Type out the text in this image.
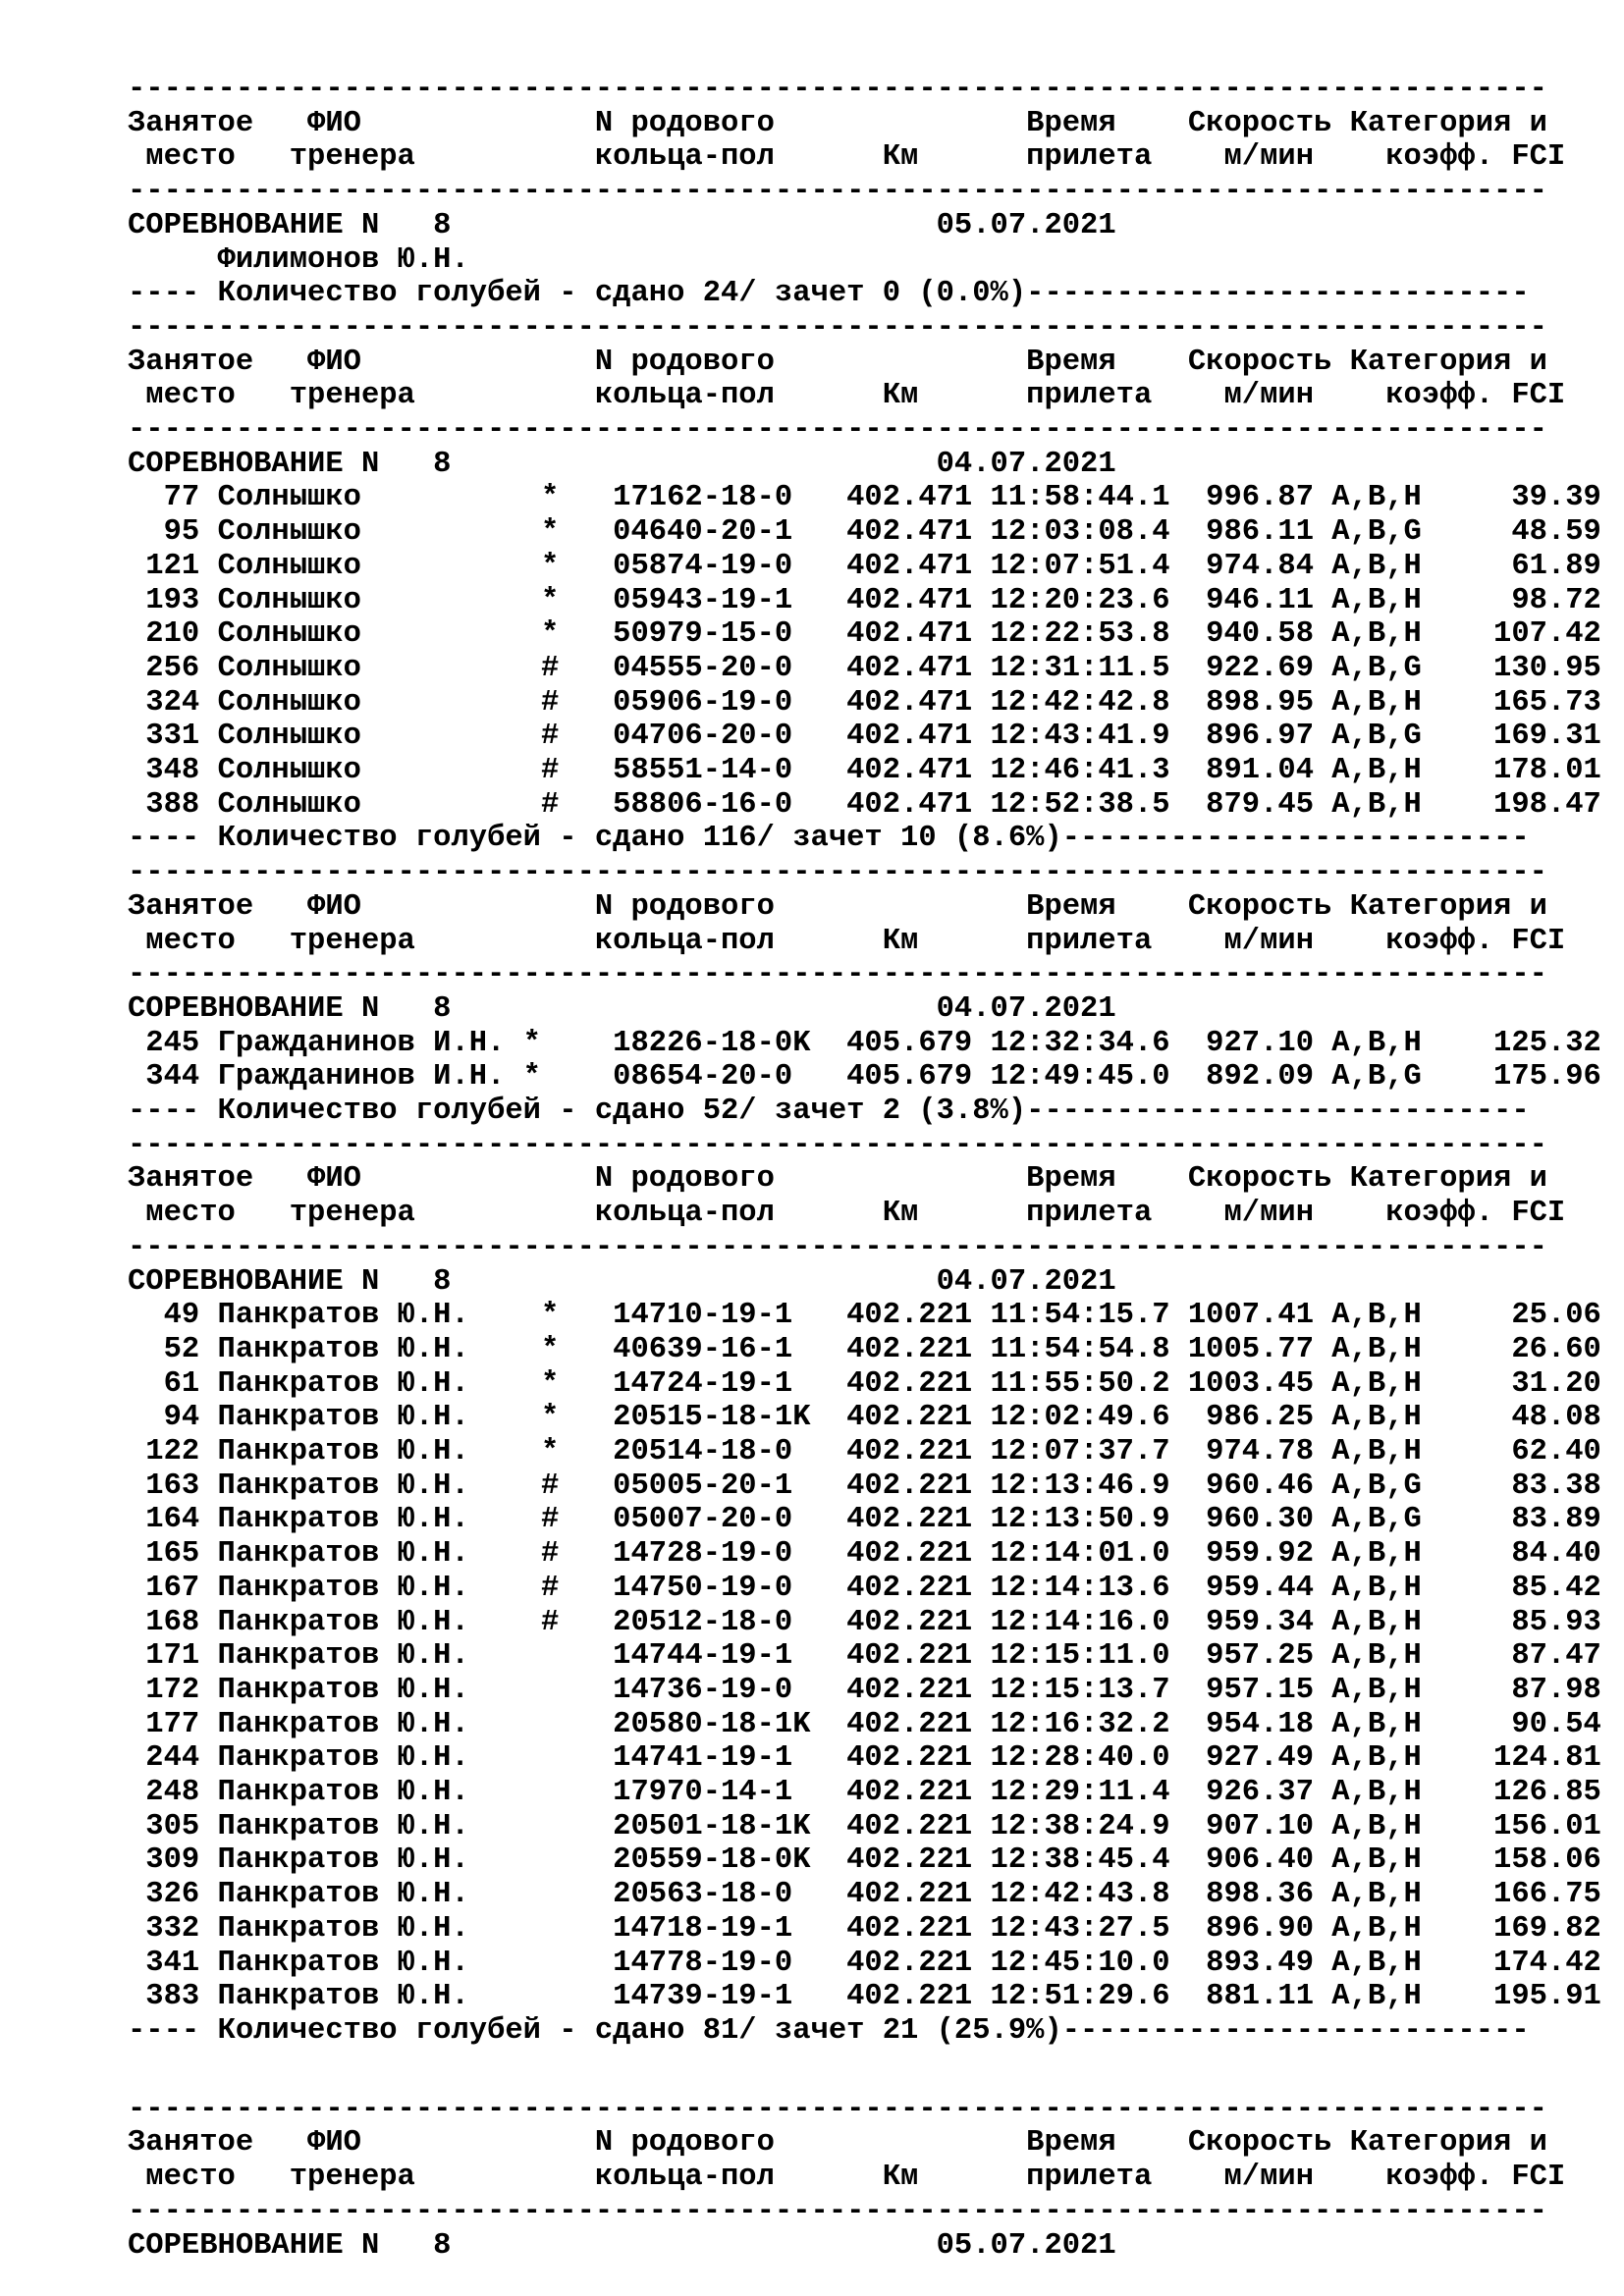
-------------------------------------------------------------------------------
Занятое   ФИО             N родового              Время    Скорость Категория и
место   тренера          кольца-пол      Км      прилета    м/мин    коэфф. FCI
-------------------------------------------------------------------------------
СОРЕВНОВАНИЕ N   8                           05.07.2021
Филимонов Ю.Н.
---- Количество голубей - сдано 24/ зачет 0 (0.0%)----------------------------
-------------------------------------------------------------------------------
Занятое   ФИО             N родового              Время    Скорость Категория и
место   тренера          кольца-пол      Км      прилета    м/мин    коэфф. FCI
-------------------------------------------------------------------------------
СОРЕВНОВАНИЕ N   8                           04.07.2021
77 Солнышко          *   17162-18-0   402.471 11:58:44.1  996.87 A,B,H     39.39
95 Солнышко          *   04640-20-1   402.471 12:03:08.4  986.11 A,B,G     48.59
121 Солнышко          *   05874-19-0   402.471 12:07:51.4  974.84 A,B,H     61.89
193 Солнышко          *   05943-19-1   402.471 12:20:23.6  946.11 A,B,H     98.72
210 Солнышко          *   50979-15-0   402.471 12:22:53.8  940.58 A,B,H    107.42
256 Солнышко          #   04555-20-0   402.471 12:31:11.5  922.69 A,B,G    130.95
324 Солнышко          #   05906-19-0   402.471 12:42:42.8  898.95 A,B,H    165.73
331 Солнышко          #   04706-20-0   402.471 12:43:41.9  896.97 A,B,G    169.31
348 Солнышко          #   58551-14-0   402.471 12:46:41.3  891.04 A,B,H    178.01
388 Солнышко          #   58806-16-0   402.471 12:52:38.5  879.45 A,B,H    198.47
---- Количество голубей - сдано 116/ зачет 10 (8.6%)--------------------------
-------------------------------------------------------------------------------
Занятое   ФИО             N родового              Время    Скорость Категория и
место   тренера          кольца-пол      Км      прилета    м/мин    коэфф. FCI
-------------------------------------------------------------------------------
СОРЕВНОВАНИЕ N   8                           04.07.2021
245 Гражданинов И.Н. *    18226-18-0K  405.679 12:32:34.6  927.10 A,B,H    125.32
344 Гражданинов И.Н. *    08654-20-0   405.679 12:49:45.0  892.09 A,B,G    175.96
---- Количество голубей - сдано 52/ зачет 2 (3.8%)----------------------------
-------------------------------------------------------------------------------
Занятое   ФИО             N родового              Время    Скорость Категория и
место   тренера          кольца-пол      Км      прилета    м/мин    коэфф. FCI
-------------------------------------------------------------------------------
СОРЕВНОВАНИЕ N   8                           04.07.2021
49 Панкратов Ю.Н.    *   14710-19-1   402.221 11:54:15.7 1007.41 A,B,H     25.06
52 Панкратов Ю.Н.    *   40639-16-1   402.221 11:54:54.8 1005.77 A,B,H     26.60
61 Панкратов Ю.Н.    *   14724-19-1   402.221 11:55:50.2 1003.45 A,B,H     31.20
94 Панкратов Ю.Н.    *   20515-18-1K  402.221 12:02:49.6  986.25 A,B,H     48.08
122 Панкратов Ю.Н.    *   20514-18-0   402.221 12:07:37.7  974.78 A,B,H     62.40
163 Панкратов Ю.Н.    #   05005-20-1   402.221 12:13:46.9  960.46 A,B,G     83.38
164 Панкратов Ю.Н.    #   05007-20-0   402.221 12:13:50.9  960.30 A,B,G     83.89
165 Панкратов Ю.Н.    #   14728-19-0   402.221 12:14:01.0  959.92 A,B,H     84.40
167 Панкратов Ю.Н.    #   14750-19-0   402.221 12:14:13.6  959.44 A,B,H     85.42
168 Панкратов Ю.Н.    #   20512-18-0   402.221 12:14:16.0  959.34 A,B,H     85.93
171 Панкратов Ю.Н.        14744-19-1   402.221 12:15:11.0  957.25 A,B,H     87.47
172 Панкратов Ю.Н.        14736-19-0   402.221 12:15:13.7  957.15 A,B,H     87.98
177 Панкратов Ю.Н.        20580-18-1K  402.221 12:16:32.2  954.18 A,B,H     90.54
244 Панкратов Ю.Н.        14741-19-1   402.221 12:28:40.0  927.49 A,B,H    124.81
248 Панкратов Ю.Н.        17970-14-1   402.221 12:29:11.4  926.37 A,B,H    126.85
305 Панкратов Ю.Н.        20501-18-1K  402.221 12:38:24.9  907.10 A,B,H    156.01
309 Панкратов Ю.Н.        20559-18-0K  402.221 12:38:45.4  906.40 A,B,H    158.06
326 Панкратов Ю.Н.        20563-18-0   402.221 12:42:43.8  898.36 A,B,H    166.75
332 Панкратов Ю.Н.        14718-19-1   402.221 12:43:27.5  896.90 A,B,H    169.82
341 Панкратов Ю.Н.        14778-19-0   402.221 12:45:10.0  893.49 A,B,H    174.42
383 Панкратов Ю.Н.        14739-19-1   402.221 12:51:29.6  881.11 A,B,H    195.91
---- Количество голубей - сдано 81/ зачет 21 (25.9%)--------------------------
-------------------------------------------------------------------------------
Занятое   ФИО             N родового              Время    Скорость Категория и
место   тренера          кольца-пол      Км      прилета    м/мин    коэфф. FCI
-------------------------------------------------------------------------------
СОРЕВНОВАНИЕ N   8                           05.07.2021
